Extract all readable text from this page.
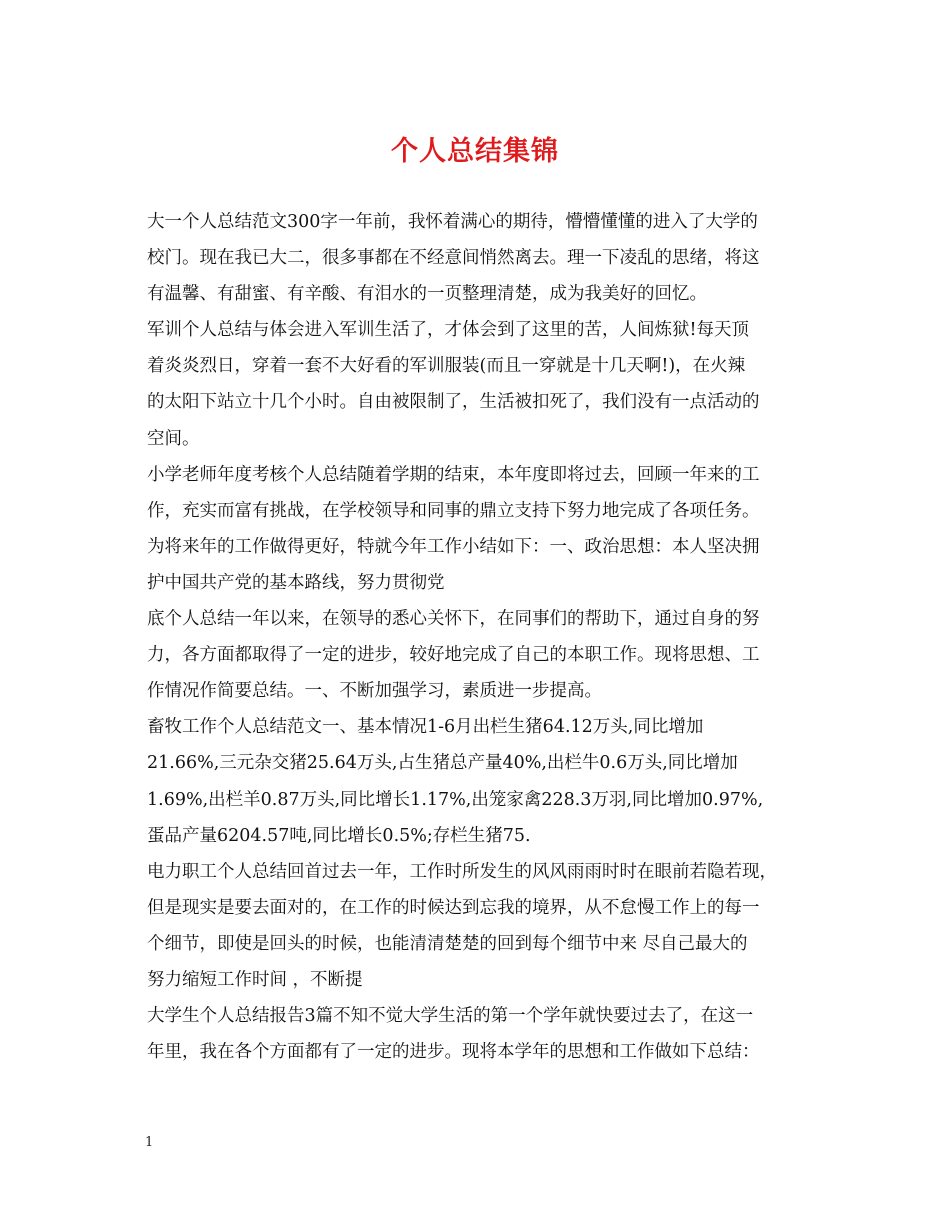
个人总结集锦
大一个人总结范文300字一年前，我怀着满心的期待，懵懵懂懂的进入了大学的
校门。现在我已大二，很多事都在不经意间悄然离去。理一下凌乱的思绪，将这
有温馨、有甜蜜、有辛酸、有泪水的一页整理清楚，成为我美好的回忆。
军训个人总结与体会进入军训生活了，才体会到了这里的苦，人间炼狱!每天顶
着炎炎烈日，穿着一套不大好看的军训服装(而且一穿就是十几天啊!)，在火辣
的太阳下站立十几个小时。自由被限制了，生活被扣死了，我们没有一点活动的
空间。
小学老师年度考核个人总结随着学期的结束，本年度即将过去，回顾一年来的工
作，充实而富有挑战，在学校领导和同事的鼎立支持下努力地完成了各项任务。
为将来年的工作做得更好，特就今年工作小结如下：一、政治思想：本人坚决拥
护中国共产党的基本路线，努力贯彻党
底个人总结一年以来，在领导的悉心关怀下，在同事们的帮助下，通过自身的努
力，各方面都取得了一定的进步，较好地完成了自己的本职工作。现将思想、工
作情况作简要总结。一、不断加强学习，素质进一步提高。
畜牧工作个人总结范文一、基本情况1-6月出栏生猪64.12万头,同比增加
21.66%,三元杂交猪25.64万头,占生猪总产量40%,出栏牛0.6万头,同比增加
1.69%,出栏羊0.87万头,同比增长1.17%,出笼家禽228.3万羽,同比增加0.97%,
蛋品产量6204.57吨,同比增长0.5%;存栏生猪75.
电力职工个人总结回首过去一年，工作时所发生的风风雨雨时时在眼前若隐若现，
但是现实是要去面对的，在工作的时候达到忘我的境界，从不怠慢工作上的每一
个细节，即使是回头的时候，也能清清楚楚的回到每个细节中来 尽自己最大的
努力缩短工作时间 ，不断提
大学生个人总结报告3篇不知不觉大学生活的第一个学年就快要过去了，在这一
年里，我在各个方面都有了一定的进步。现将本学年的思想和工作做如下总结：
1
